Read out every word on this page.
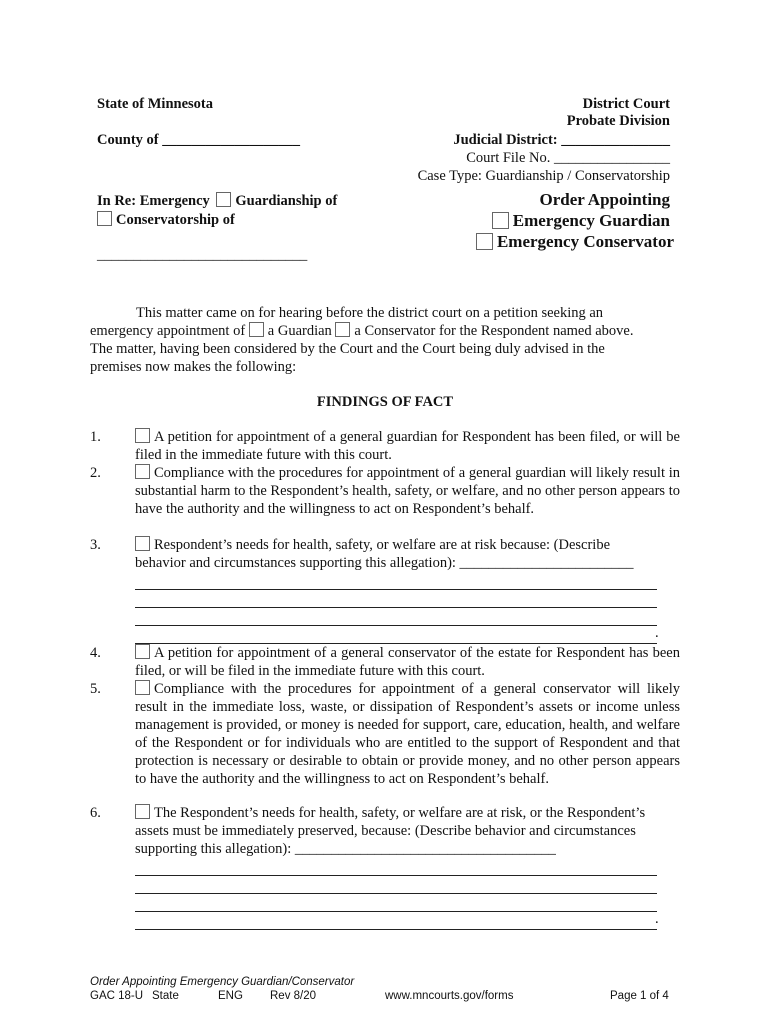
State of Minnesota
County of ___________________
District Court
Probate Division
Judicial District: _______________
Court File No. ________________
Case Type: Guardianship / Conservatorship
In Re: Emergency Guardianship of
Conservatorship of
_____________________________
Order Appointing
Emergency Guardian
Emergency Conservator
This matter came on for hearing before the district court on a petition seeking an
emergency appointment of a Guardian a Conservator for the Respondent named above.
The matter, having been considered by the Court and the Court being duly advised in the premises now makes the following:
FINDINGS OF FACT
1.	A petition for appointment of a general guardian for Respondent has been filed, or will be filed in the immediate future with this court.
2.	Compliance with the procedures for appointment of a general guardian will likely result in substantial harm to the Respondent’s health, safety, or welfare, and no other person appears to have the authority and the willingness to act on Respondent’s behalf.
3.	Respondent’s needs for health, safety, or welfare are at risk because: (Describe behavior and circumstances supporting this allegation): ________________________
.
4.	A petition for appointment of a general conservator of the estate for Respondent has been filed, or will be filed in the immediate future with this court.
5.	Compliance with the procedures for appointment of a general conservator will likely result in the immediate loss, waste, or dissipation of Respondent’s assets or income unless management is provided, or money is needed for support, care, education, health, and welfare of the Respondent or for individuals who are entitled to the support of Respondent and that protection is necessary or desirable to obtain or provide money, and no other person appears to have the authority and the willingness to act on Respondent’s behalf.
6.	The Respondent’s needs for health, safety, or welfare are at risk, or the Respondent’s assets must be immediately preserved, because: (Describe behavior and circumstances supporting this allegation): ____________________________________
.
Order Appointing Emergency Guardian/Conservator
GAC 18-U State	ENG Rev 8/20	www.mncourts.gov/forms	Page 1 of 4
